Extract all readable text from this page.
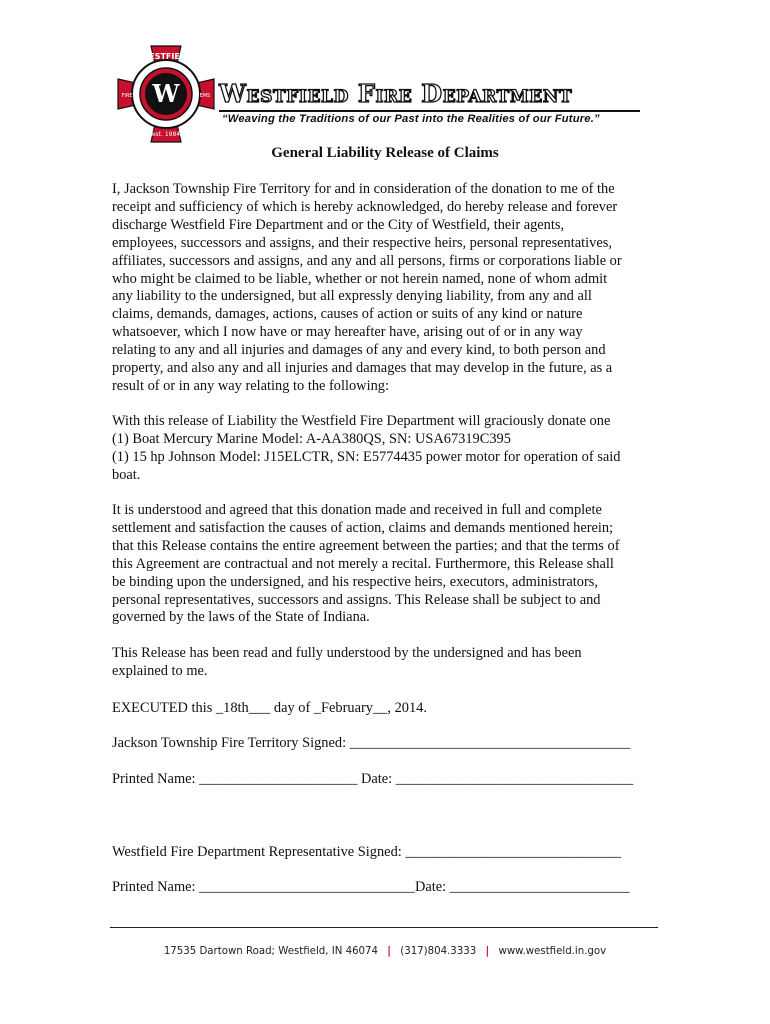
W
WESTFIELD
est. 1984
FIRE	EMS Westfield Fire Department
“Weaving the Traditions of our Past into the Realities of our Future.”
General Liability Release of Claims
I, Jackson Township Fire Territory for and in consideration of the donation to me of the
receipt and sufficiency of which is hereby acknowledged, do hereby release and forever
discharge Westfield Fire Department and or the City of Westfield, their agents,
employees, successors and assigns, and their respective heirs, personal representatives,
affiliates, successors and assigns, and any and all persons, firms or corporations liable or
who might be claimed to be liable, whether or not herein named, none of whom admit
any liability to the undersigned, but all expressly denying liability, from any and all
claims, demands, damages, actions, causes of action or suits of any kind or nature
whatsoever, which I now have or may hereafter have, arising out of or in any way
relating to any and all injuries and damages of any and every kind, to both person and
property, and also any and all injuries and damages that may develop in the future, as a
result of or in any way relating to the following:
With this release of Liability the Westfield Fire Department will graciously donate one
(1) Boat Mercury Marine Model: A-AA380QS, SN: USA67319C395
(1) 15 hp Johnson Model: J15ELCTR, SN: E5774435 power motor for operation of said
boat.
It is understood and agreed that this donation made and received in full and complete
settlement and satisfaction the causes of action, claims and demands mentioned herein;
that this Release contains the entire agreement between the parties; and that the terms of
this Agreement are contractual and not merely a recital. Furthermore, this Release shall
be binding upon the undersigned, and his respective heirs, executors, administrators,
personal representatives, successors and assigns. This Release shall be subject to and
governed by the laws of the State of Indiana.
This Release has been read and fully understood by the undersigned and has been
explained to me.
EXECUTED this _18th___ day of _February__, 2014.
Jackson Township Fire Territory Signed: _______________________________________
Printed Name: ______________________ Date: _________________________________
Westfield Fire Department Representative Signed: ______________________________
Printed Name: ______________________________Date: _________________________
17535 Dartown Road; Westfield, IN 46074 | (317)804.3333 | www.westfield.in.gov
